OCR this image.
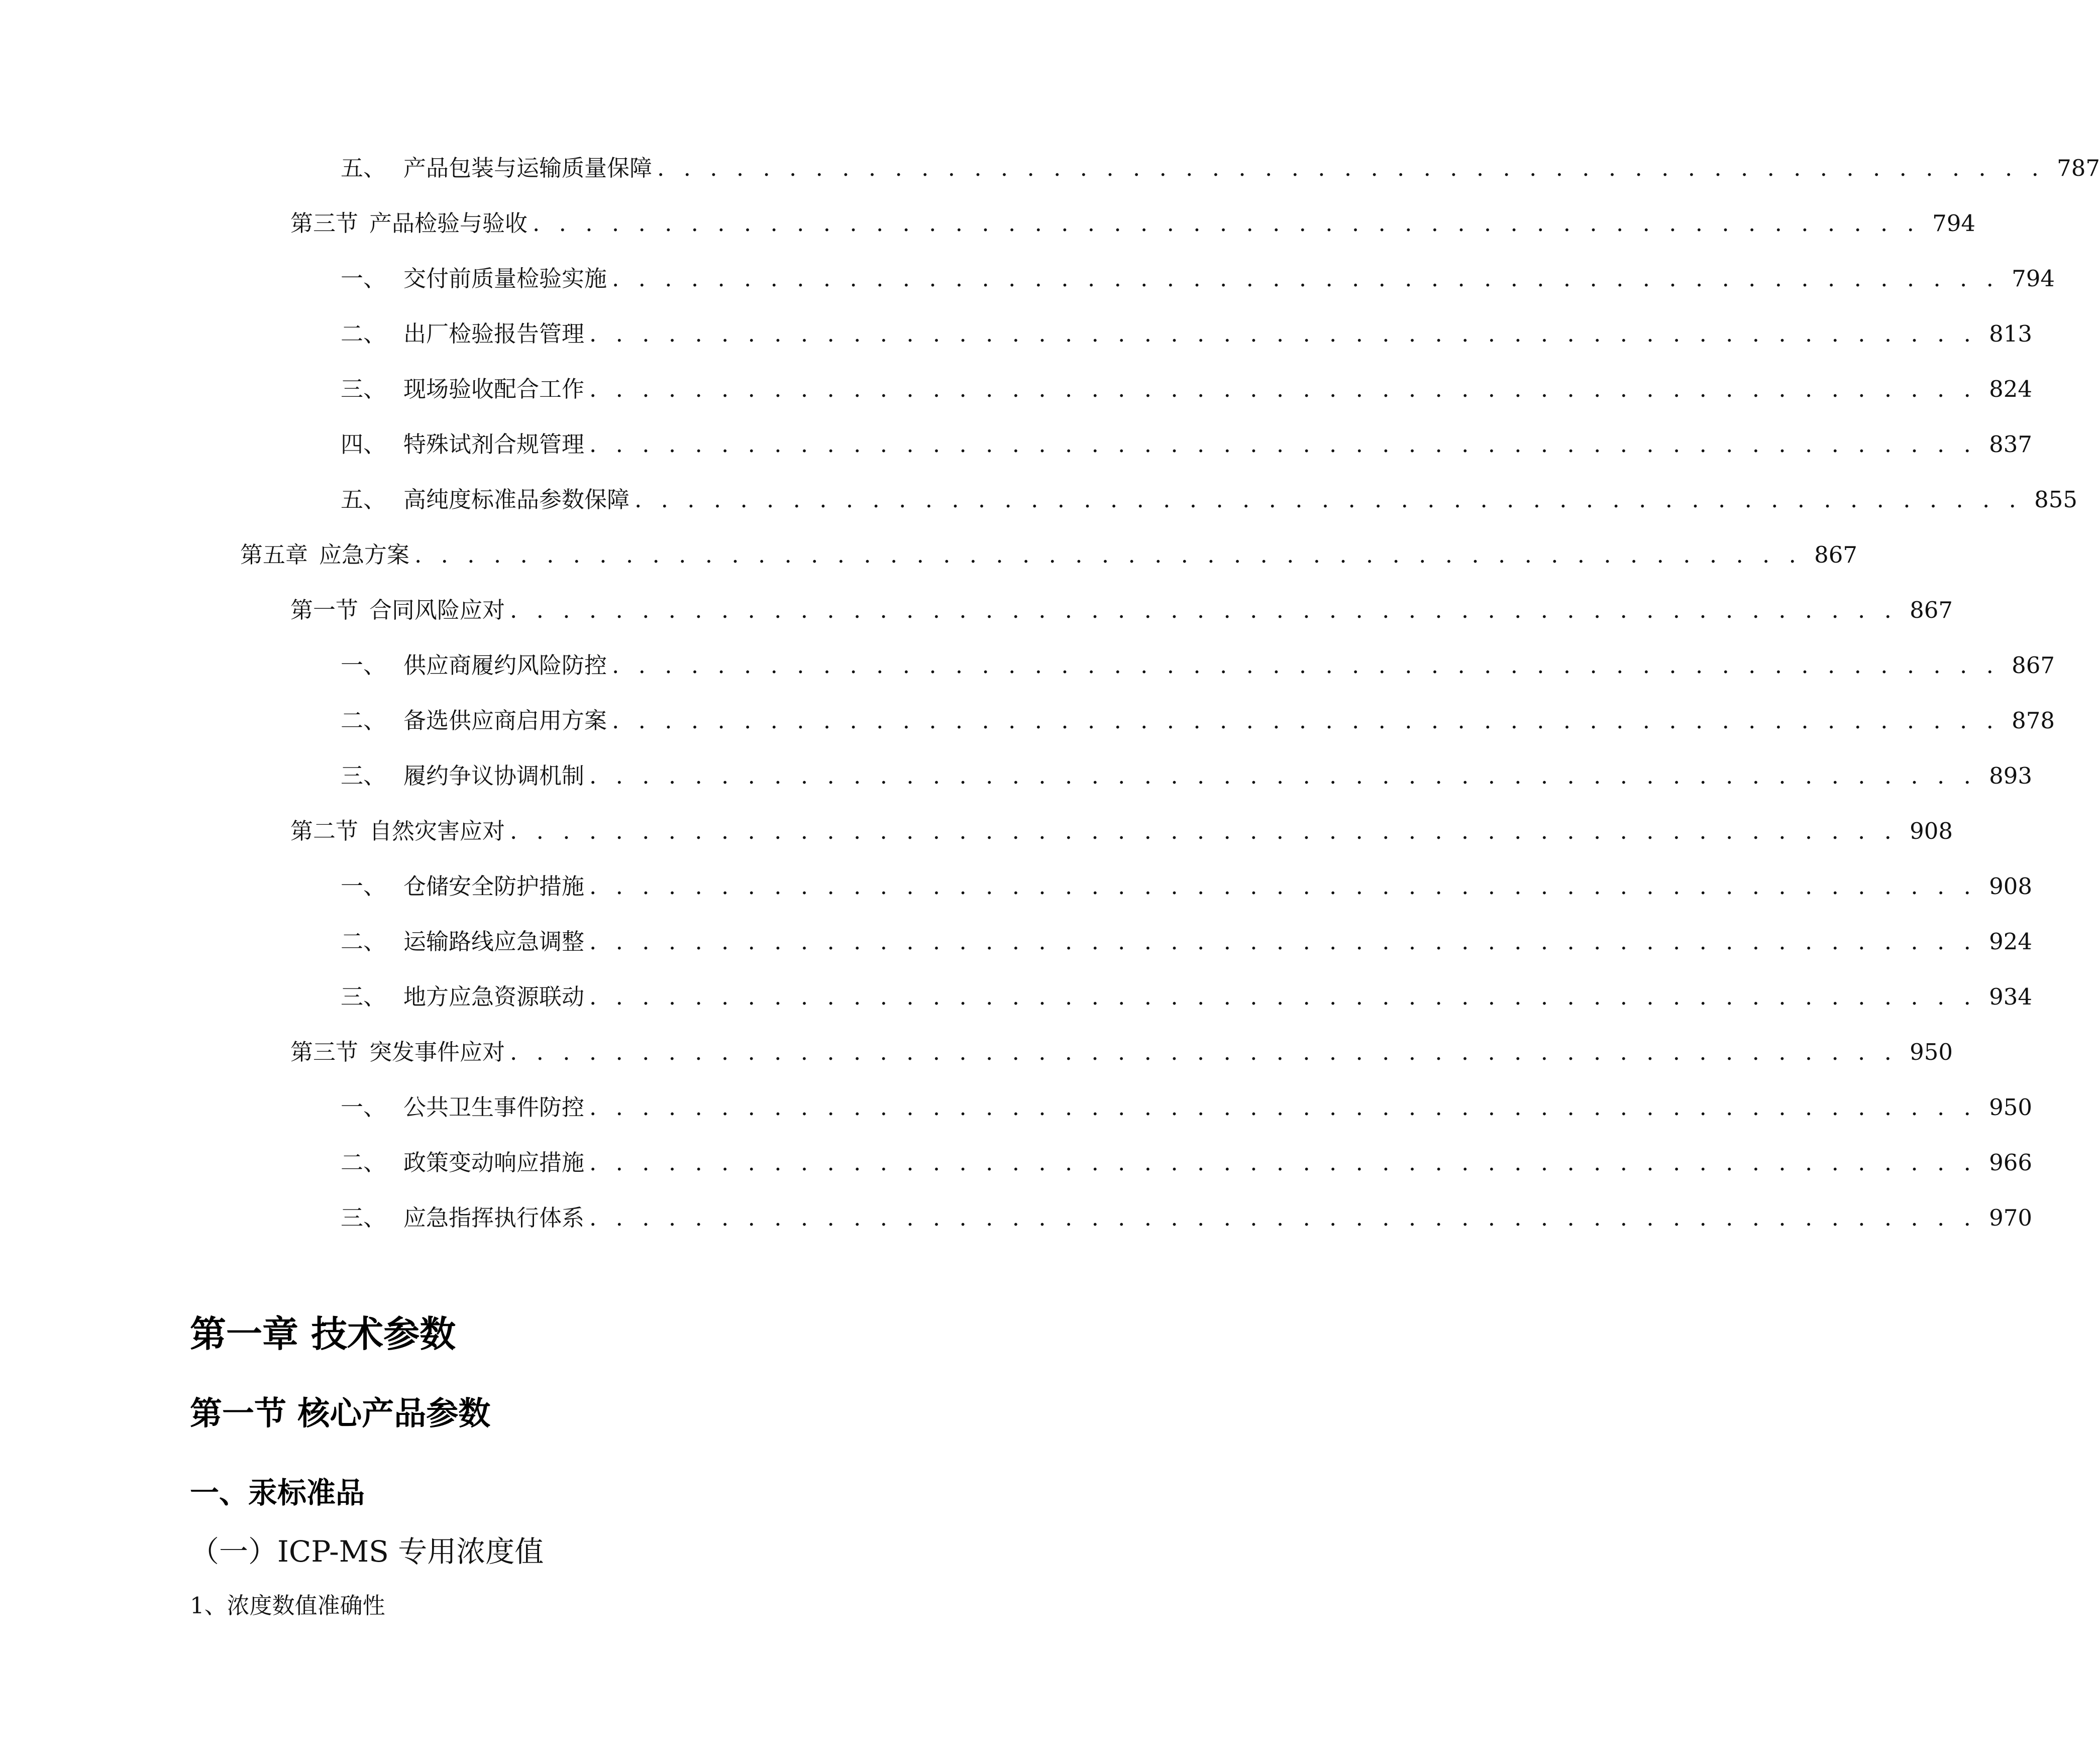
五、 产品包装与运输质量保障 . . . . . . . . . . . . . . . . . . . . . . . . . . . . . . . . . . . . . . . . . . . . . . . . . . . . . 787
第三节 产品检验与验收 . . . . . . . . . . . . . . . . . . . . . . . . . . . . . . . . . . . . . . . . . . . . . . . . . . . . . 794
一、 交付前质量检验实施 . . . . . . . . . . . . . . . . . . . . . . . . . . . . . . . . . . . . . . . . . . . . . . . . . . . . . 794
二、 出厂检验报告管理 . . . . . . . . . . . . . . . . . . . . . . . . . . . . . . . . . . . . . . . . . . . . . . . . . . . . . 813
三、 现场验收配合工作 . . . . . . . . . . . . . . . . . . . . . . . . . . . . . . . . . . . . . . . . . . . . . . . . . . . . . 824
四、 特殊试剂合规管理 . . . . . . . . . . . . . . . . . . . . . . . . . . . . . . . . . . . . . . . . . . . . . . . . . . . . . 837
五、 高纯度标准品参数保障 . . . . . . . . . . . . . . . . . . . . . . . . . . . . . . . . . . . . . . . . . . . . . . . . . . . . . 855
第五章 应急方案 . . . . . . . . . . . . . . . . . . . . . . . . . . . . . . . . . . . . . . . . . . . . . . . . . . . . . 867
第一节 合同风险应对 . . . . . . . . . . . . . . . . . . . . . . . . . . . . . . . . . . . . . . . . . . . . . . . . . . . . . 867
一、 供应商履约风险防控 . . . . . . . . . . . . . . . . . . . . . . . . . . . . . . . . . . . . . . . . . . . . . . . . . . . . . 867
二、 备选供应商启用方案 . . . . . . . . . . . . . . . . . . . . . . . . . . . . . . . . . . . . . . . . . . . . . . . . . . . . . 878
三、 履约争议协调机制 . . . . . . . . . . . . . . . . . . . . . . . . . . . . . . . . . . . . . . . . . . . . . . . . . . . . . 893
第二节 自然灾害应对 . . . . . . . . . . . . . . . . . . . . . . . . . . . . . . . . . . . . . . . . . . . . . . . . . . . . . 908
一、 仓储安全防护措施 . . . . . . . . . . . . . . . . . . . . . . . . . . . . . . . . . . . . . . . . . . . . . . . . . . . . . 908
二、 运输路线应急调整 . . . . . . . . . . . . . . . . . . . . . . . . . . . . . . . . . . . . . . . . . . . . . . . . . . . . . 924
三、 地方应急资源联动 . . . . . . . . . . . . . . . . . . . . . . . . . . . . . . . . . . . . . . . . . . . . . . . . . . . . . 934
第三节 突发事件应对 . . . . . . . . . . . . . . . . . . . . . . . . . . . . . . . . . . . . . . . . . . . . . . . . . . . . . 950
一、 公共卫生事件防控 . . . . . . . . . . . . . . . . . . . . . . . . . . . . . . . . . . . . . . . . . . . . . . . . . . . . . 950
二、 政策变动响应措施 . . . . . . . . . . . . . . . . . . . . . . . . . . . . . . . . . . . . . . . . . . . . . . . . . . . . . 966
三、 应急指挥执行体系 . . . . . . . . . . . . . . . . . . . . . . . . . . . . . . . . . . . . . . . . . . . . . . . . . . . . . 970
第一章 技术参数
第一节 核心产品参数
一、汞标准品
（一）ICP-MS 专用浓度值
1、浓度数值准确性
